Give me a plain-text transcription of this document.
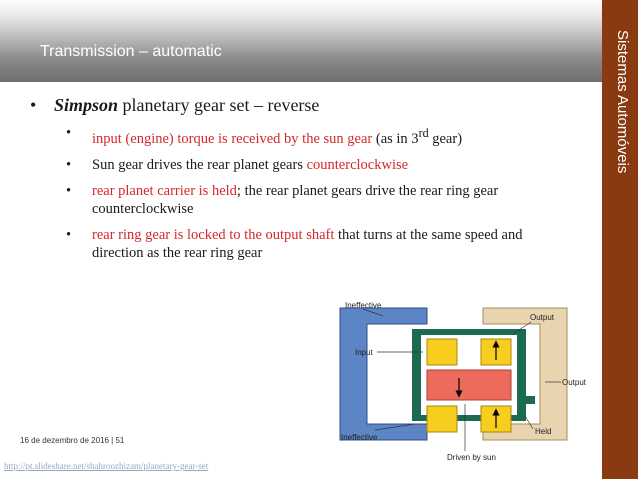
Transmission – automatic	Sistemas Automóveis
• Simpson planetary gear set – reverse
• input (engine) torque is received by the sun gear (as in 3rd gear)
• Sun gear drives the rear planet gears counterclockwise
• rear planet carrier is held; the rear planet gears drive the rear ring gear counterclockwise
• rear ring gear is locked to the output shaft that turns at the same speed and direction as the rear ring gear
Ineffective
Output
Input
Output
Held
Ineffective
Driven by sun
16 de dezembro de 2016 | 51
http://pt.slideshare.net/shahroozhizam/planetary-gear-set
